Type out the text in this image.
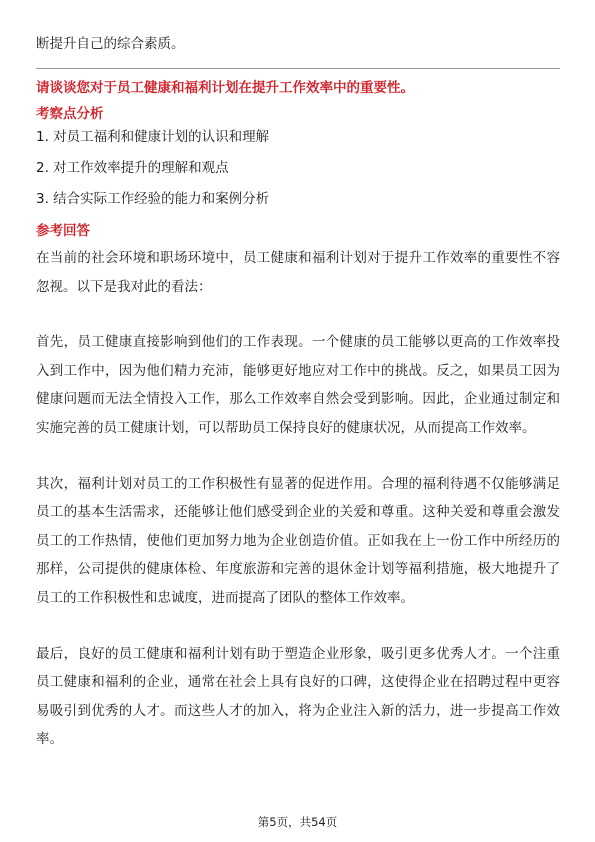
断提升自己的综合素质。

请谈谈您对于员工健康和福利计划在提升工作效率中的重要性。

考察点分析

1. 对员工福利和健康计划的认识和理解

2. 对工作效率提升的理解和观点

3. 结合实际工作经验的能力和案例分析

参考回答

在当前的社会环境和职场环境中，员工健康和福利计划对于提升工作效率的重要性不容忽视。以下是我对此的看法：

首先，员工健康直接影响到他们的工作表现。一个健康的员工能够以更高的工作效率投入到工作中，因为他们精力充沛，能够更好地应对工作中的挑战。反之，如果员工因为健康问题而无法全情投入工作，那么工作效率自然会受到影响。因此，企业通过制定和实施完善的员工健康计划，可以帮助员工保持良好的健康状况，从而提高工作效率。

其次，福利计划对员工的工作积极性有显著的促进作用。合理的福利待遇不仅能够满足员工的基本生活需求，还能够让他们感受到企业的关爱和尊重。这种关爱和尊重会激发员工的工作热情，使他们更加努力地为企业创造价值。正如我在上一份工作中所经历的那样，公司提供的健康体检、年度旅游和完善的退休金计划等福利措施，极大地提升了员工的工作积极性和忠诚度，进而提高了团队的整体工作效率。

最后，良好的员工健康和福利计划有助于塑造企业形象，吸引更多优秀人才。一个注重员工健康和福利的企业，通常在社会上具有良好的口碑，这使得企业在招聘过程中更容易吸引到优秀的人才。而这些人才的加入，将为企业注入新的活力，进一步提高工作效率。

第5页，共54页
